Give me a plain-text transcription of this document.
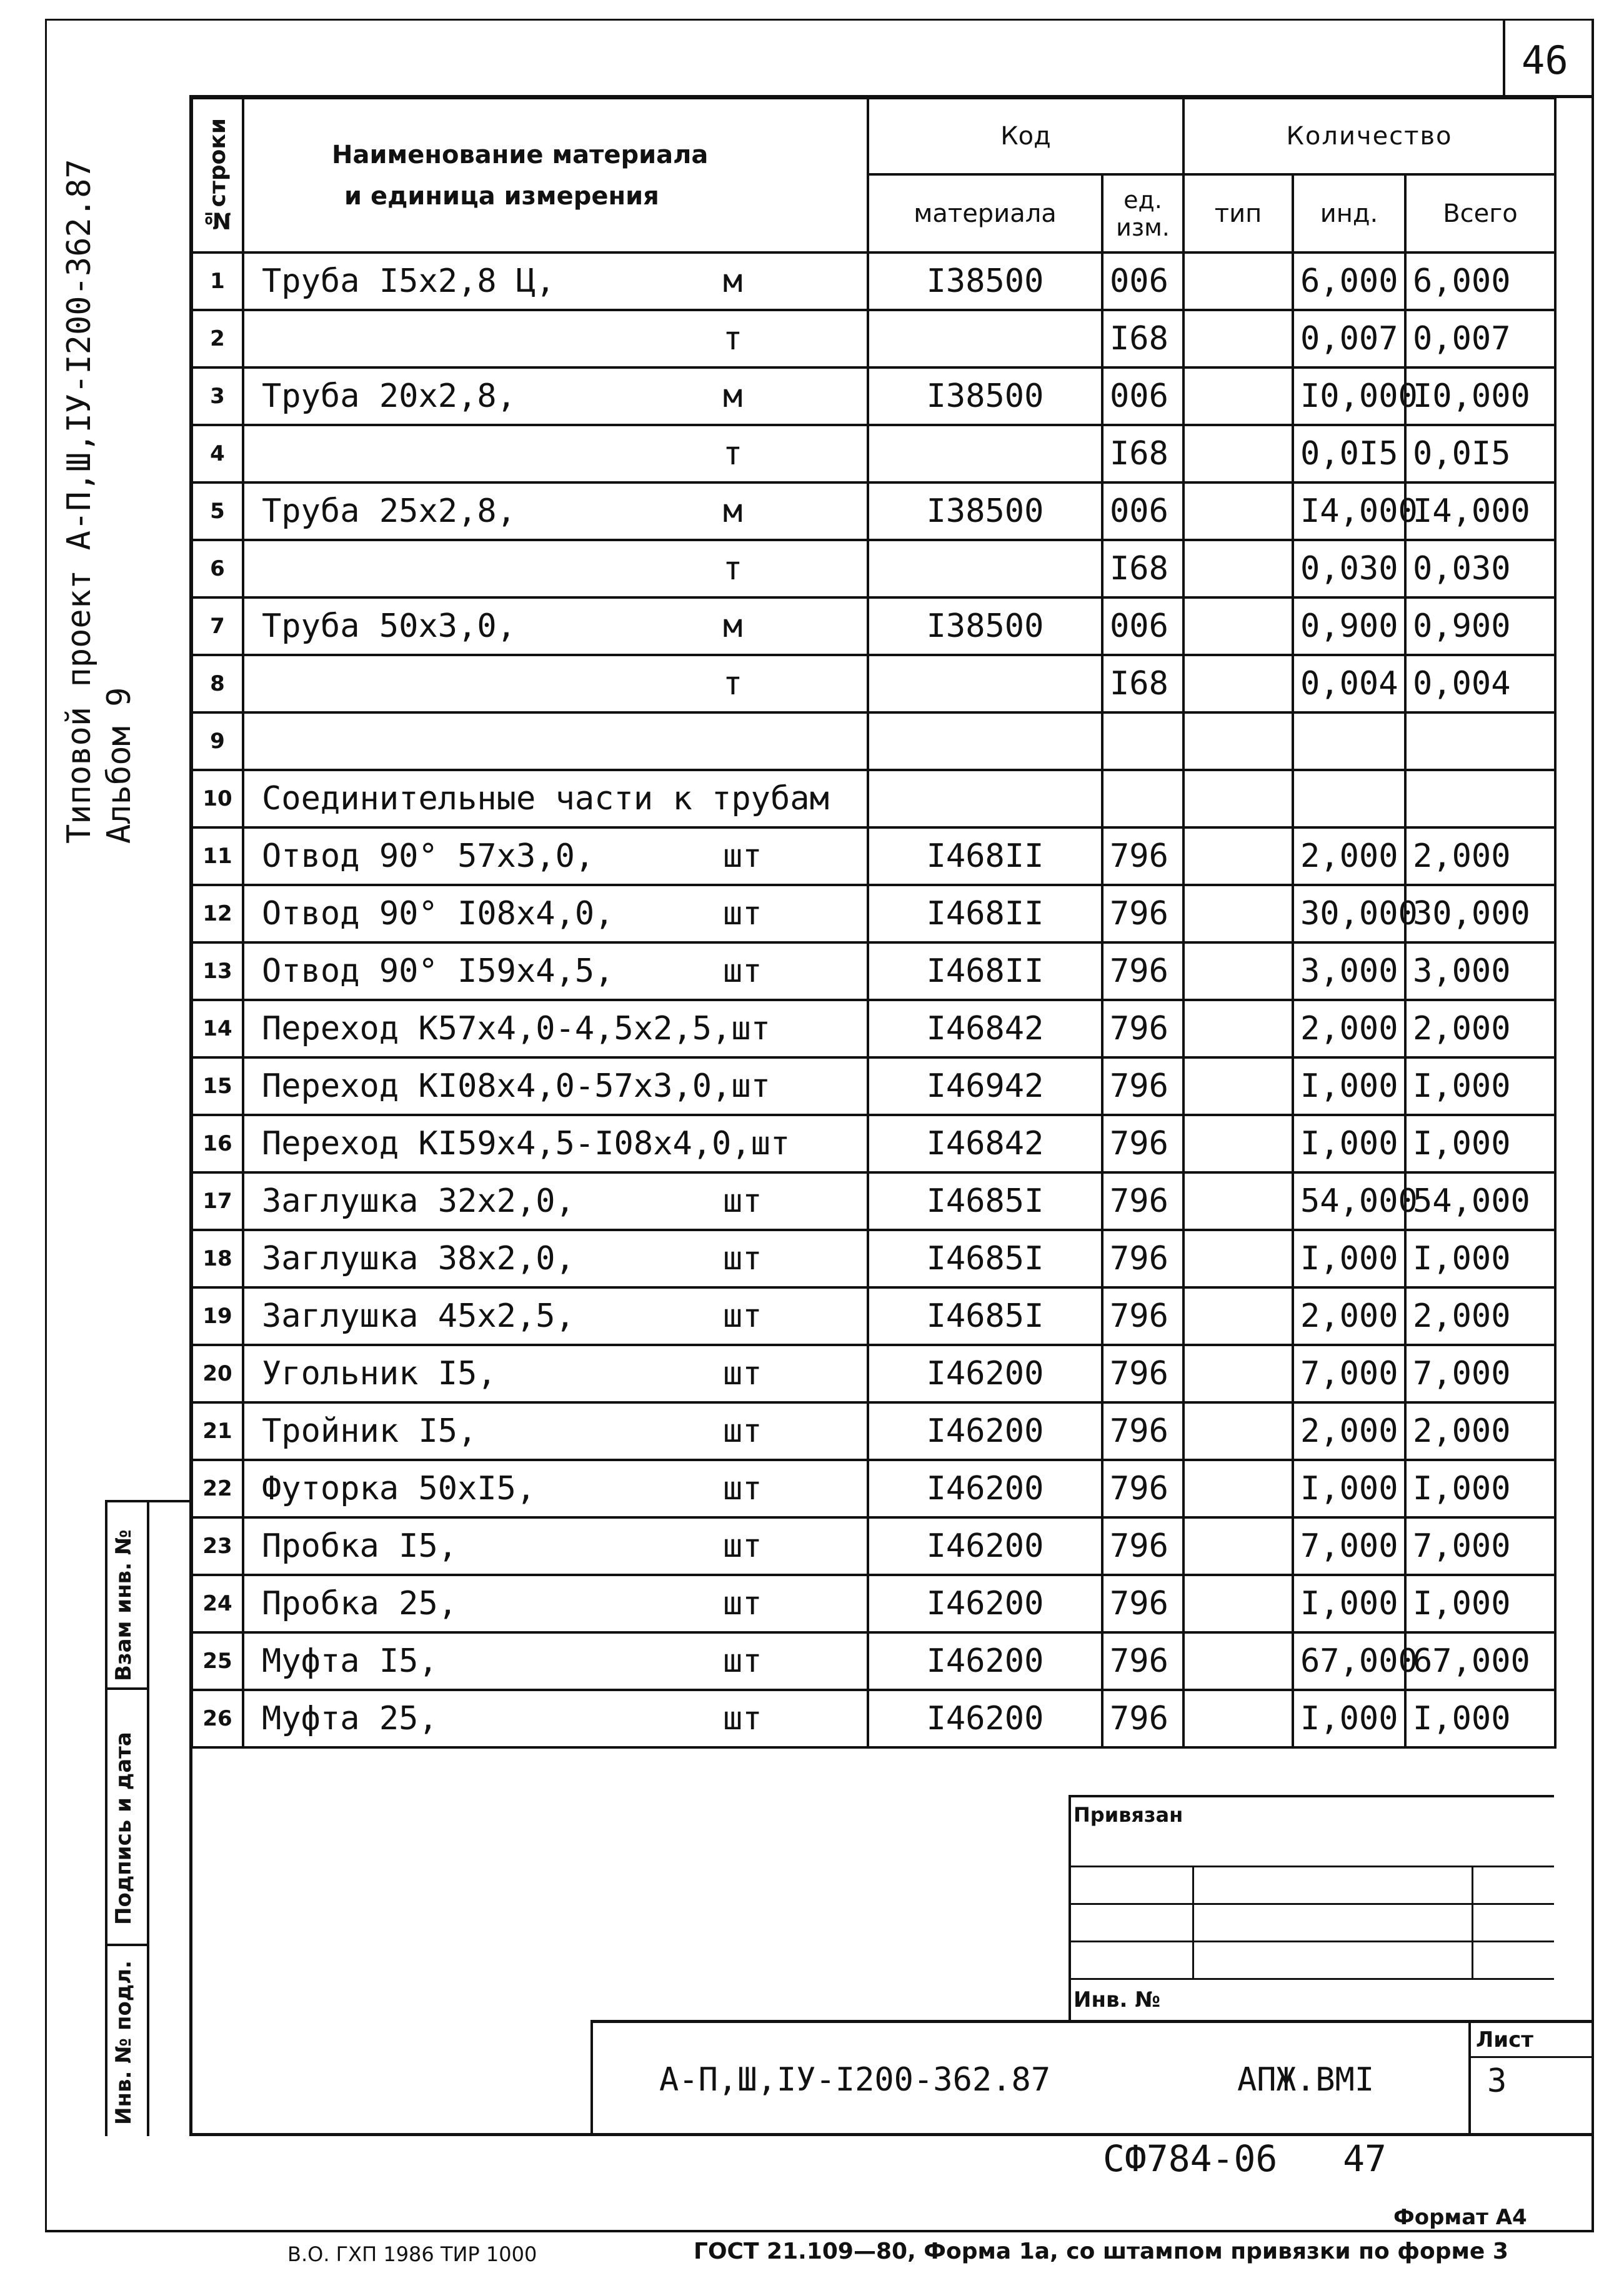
46
Типовой проект А-П,Ш,IУ-I200-362.87 Альбом 9
Взам инв. №
Подпись и дата
Инв. № подл.
№строки	Наименование материала
и единица измерения	Код		Количество		
		материала	ед. изм.	тип	инд.	Всего
1	Труба I5х2,8 Ц, м	I38500	006		6,000	6,000
2	т		I68		0,007	0,007
3	Труба 20х2,8, м	I38500	006		I0,000	I0,000
4	т		I68		0,0I5	0,0I5
5	Труба 25х2,8, м	I38500	006		I4,000	I4,000
6	т		I68		0,030	0,030
7	Труба 50х3,0, м	I38500	006		0,900	0,900
8	т		I68		0,004	0,004
9	

10	Соединительные части к трубам					

11	Отвод 90° 57х3,0, шт	I468II	796		2,000	2,000
12	Отвод 90° I08х4,0, шт	I468II	796		30,000	30,000
13	Отвод 90° I59х4,5, шт	I468II	796		3,000	3,000
14	Переход К57х4,0-4,5х2,5, шт	I46842	796		2,000	2,000
15	Переход КI08х4,0-57х3,0, шт	I46942	796		I,000	I,000
16	Переход КI59х4,5-I08х4,0, шт	I46842	796		I,000	I,000
17	Заглушка 32х2,0, шт	I4685I	796		54,000	54,000
18	Заглушка 38х2,0, шт	I4685I	796		I,000	I,000
19	Заглушка 45х2,5, шт	I4685I	796		2,000	2,000
20	Угольник I5, шт	I46200	796		7,000	7,000
21	Тройник I5, шт	I46200	796		2,000	2,000
22	Футорка 50хI5, шт	I46200	796		I,000	I,000
23	Пробка I5, шт	I46200	796		7,000	7,000
24	Пробка 25, шт	I46200	796		I,000	I,000
25	Муфта I5, шт	I46200	796		67,000	67,000
26	Муфта 25, шт	I46200	796		I,000	I,000
Привязан
Инв. №
А-П,Ш,IУ-I200-362.87	АПЖ.ВМI
Лист
3
СФ784-06   47
Формат А4
В.О. ГХП 1986 ТИР 1000	ГОСТ 21.109—80, Форма 1а, со штампом привязки по форме 3
